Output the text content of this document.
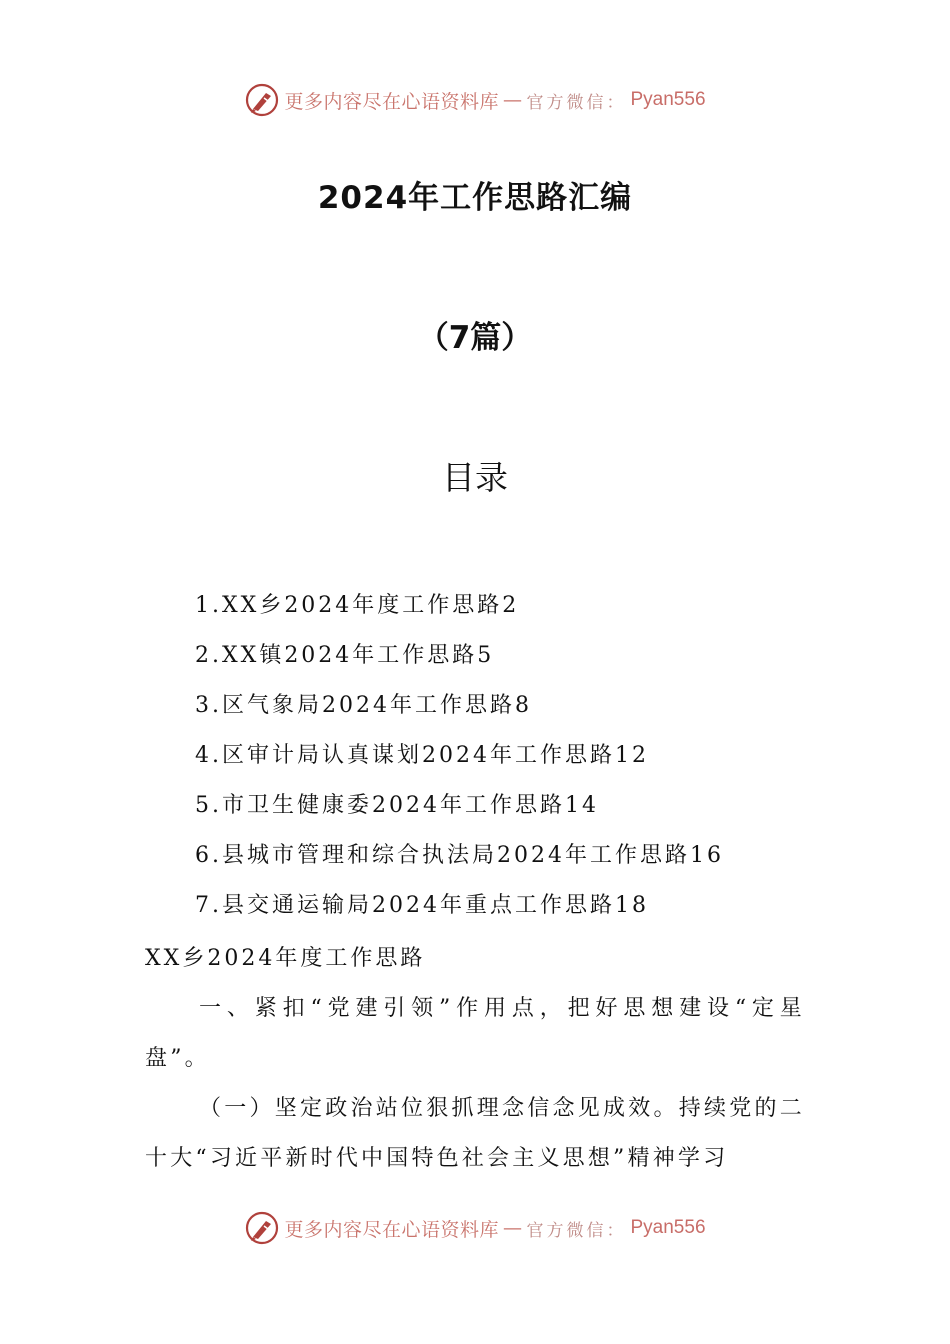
更多内容尽在心语资料库 — 官方微信： Pyan556
2024年工作思路汇编
（7篇）
目录
1.XX乡2024年度工作思路2
2.XX镇2024年工作思路5
3.区气象局2024年工作思路8
4.区审计局认真谋划2024年工作思路12
5.市卫生健康委2024年工作思路14
6.县城市管理和综合执法局2024年工作思路16
7.县交通运输局2024年重点工作思路18
XX乡2024年度工作思路

一、紧扣“党建引领”作用点，把好思想建设“定星盘”。

（一）坚定政治站位狠抓理念信念见成效。持续党的二十大“习近平新时代中国特色社会主义思想”精神学习

更多内容尽在心语资料库 — 官方微信： Pyan556
